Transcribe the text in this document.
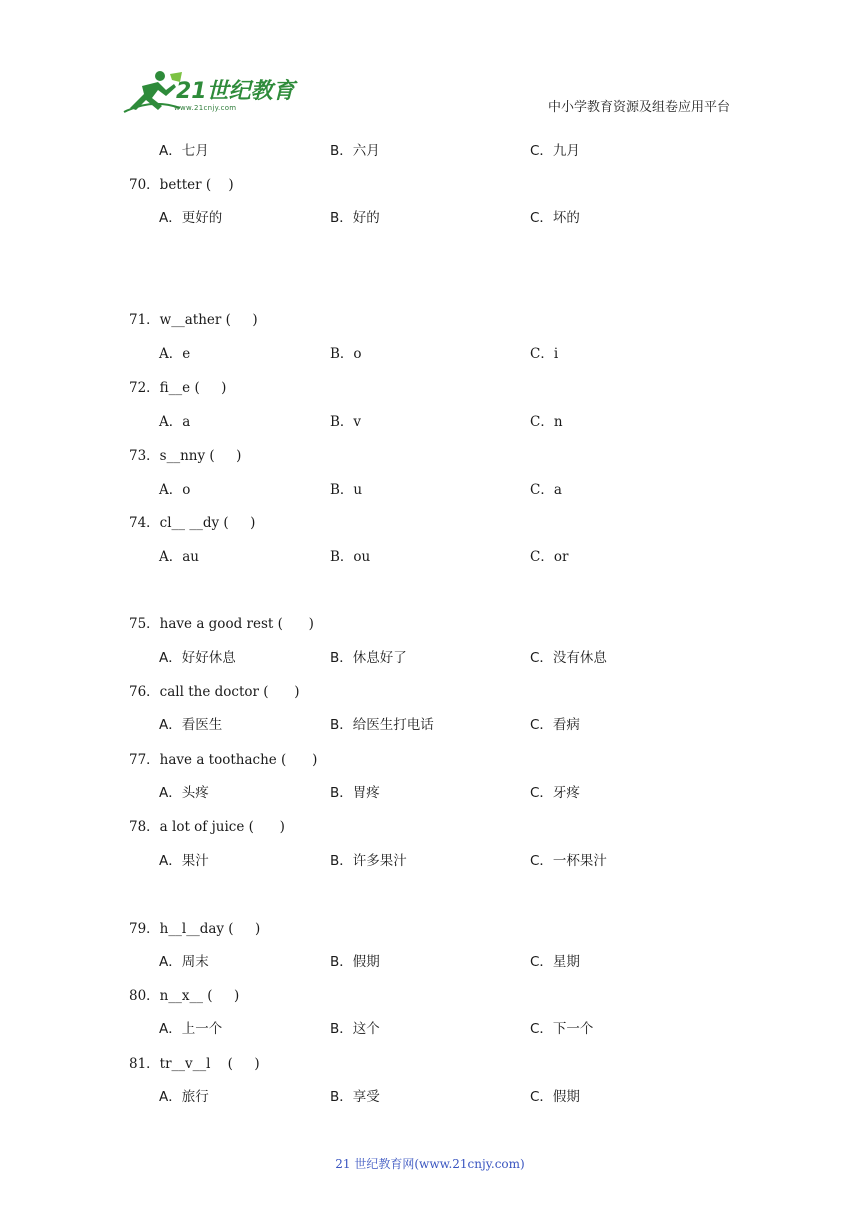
21世纪教育
www.21cnjy.com	中小学教育资源及组卷应用平台
A．七月	B．六月	C．九月
70．better (    )
A．更好的	B．好的	C．坏的
71．w__ather (     )
A．e	B．o	C．i
72．fi__e (     )
A．a	B．v	C．n
73．s__nny (     )
A．o	B．u	C．a
74．cl__ __dy (     )
A．au	B．ou	C．or
75．have a good rest (      )
A．好好休息	B．休息好了	C．没有休息
76．call the doctor (      )
A．看医生	B．给医生打电话	C．看病
77．have a toothache (      )
A．头疼	B．胃疼	C．牙疼
78．a lot of juice (      )
A．果汁	B．许多果汁	C．一杯果汁
79．h__l__day (     )
A．周末	B．假期	C．星期
80．n__x__ (     )
A．上一个	B．这个	C．下一个
81．tr__v__l    (     )
A．旅行	B．享受	C．假期
21 世纪教育网(www.21cnjy.com)
